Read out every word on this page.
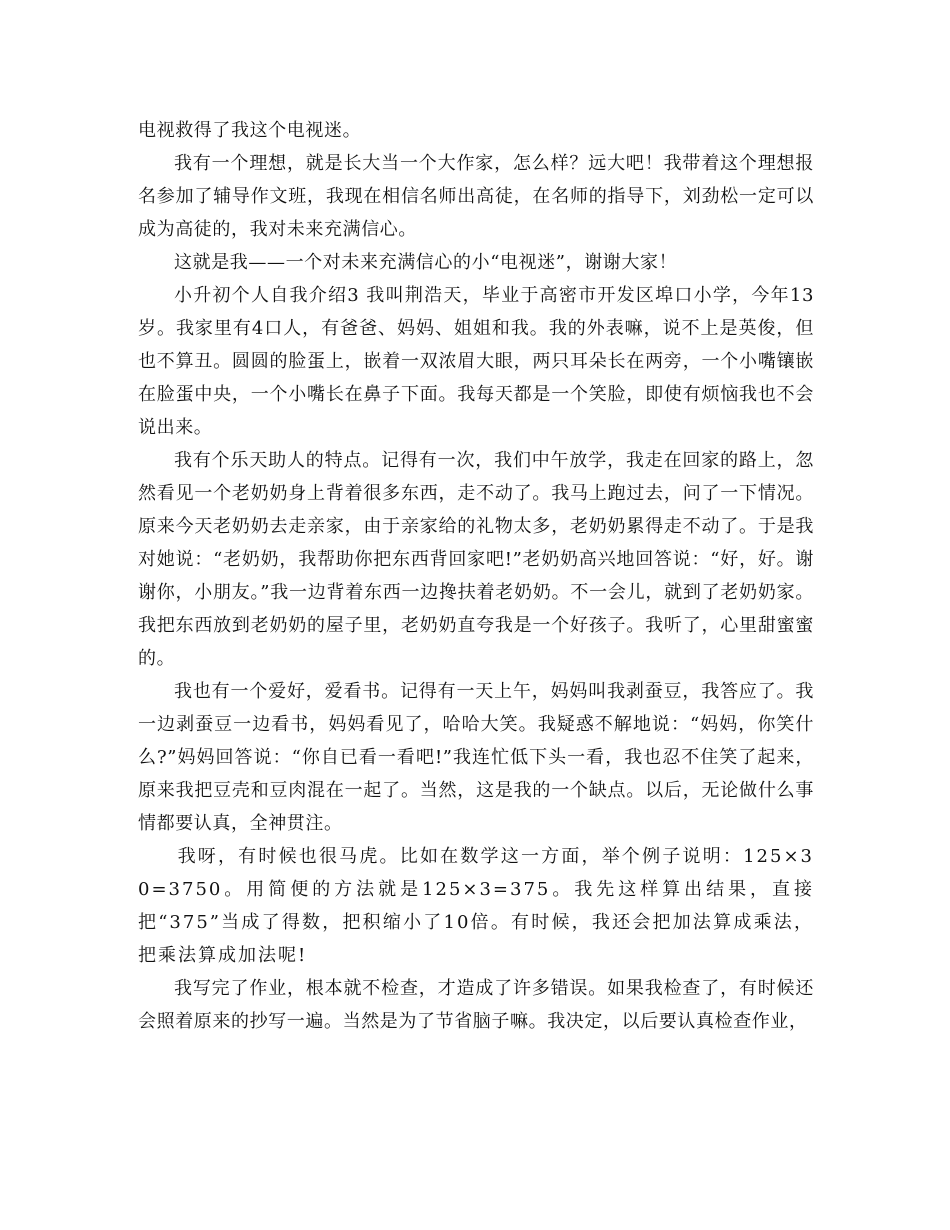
电视救得了我这个电视迷。

我有一个理想，就是长大当一个大作家，怎么样？远大吧！我带着这个理想报名参加了辅导作文班，我现在相信名师出高徒，在名师的指导下，刘劲松一定可以成为高徒的，我对未来充满信心。

这就是我——一个对未来充满信心的小“电视迷”，谢谢大家！

小升初个人自我介绍3 我叫荆浩天，毕业于高密市开发区埠口小学，今年13岁。我家里有4口人，有爸爸、妈妈、姐姐和我。我的外表嘛，说不上是英俊，但也不算丑。圆圆的脸蛋上，嵌着一双浓眉大眼，两只耳朵长在两旁，一个小嘴镶嵌在脸蛋中央，一个小嘴长在鼻子下面。我每天都是一个笑脸，即使有烦恼我也不会说出来。

我有个乐天助人的特点。记得有一次，我们中午放学，我走在回家的路上，忽然看见一个老奶奶身上背着很多东西，走不动了。我马上跑过去，问了一下情况。原来今天老奶奶去走亲家，由于亲家给的礼物太多，老奶奶累得走不动了。于是我对她说：“老奶奶，我帮助你把东西背回家吧!”老奶奶高兴地回答说：“好，好。谢谢你，小朋友。”我一边背着东西一边搀扶着老奶奶。不一会儿，就到了老奶奶家。我把东西放到老奶奶的屋子里，老奶奶直夸我是一个好孩子。我听了，心里甜蜜蜜的。

我也有一个爱好，爱看书。记得有一天上午，妈妈叫我剥蚕豆，我答应了。我一边剥蚕豆一边看书，妈妈看见了，哈哈大笑。我疑惑不解地说：“妈妈，你笑什么?”妈妈回答说：“你自已看一看吧!”我连忙低下头一看，我也忍不住笑了起来，原来我把豆壳和豆肉混在一起了。当然，这是我的一个缺点。以后，无论做什么事情都要认真，全神贯注。

我呀，有时候也很马虎。比如在数学这一方面，举个例子说明：125×30=3750。用简便的方法就是125×3=375。我先这样算出结果，直接把“375”当成了得数，把积缩小了10倍。有时候，我还会把加法算成乘法，把乘法算成加法呢!

我写完了作业，根本就不检查，才造成了许多错误。如果我检查了，有时候还会照着原来的抄写一遍。当然是为了节省脑子嘛。我决定，以后要认真检查作业，
